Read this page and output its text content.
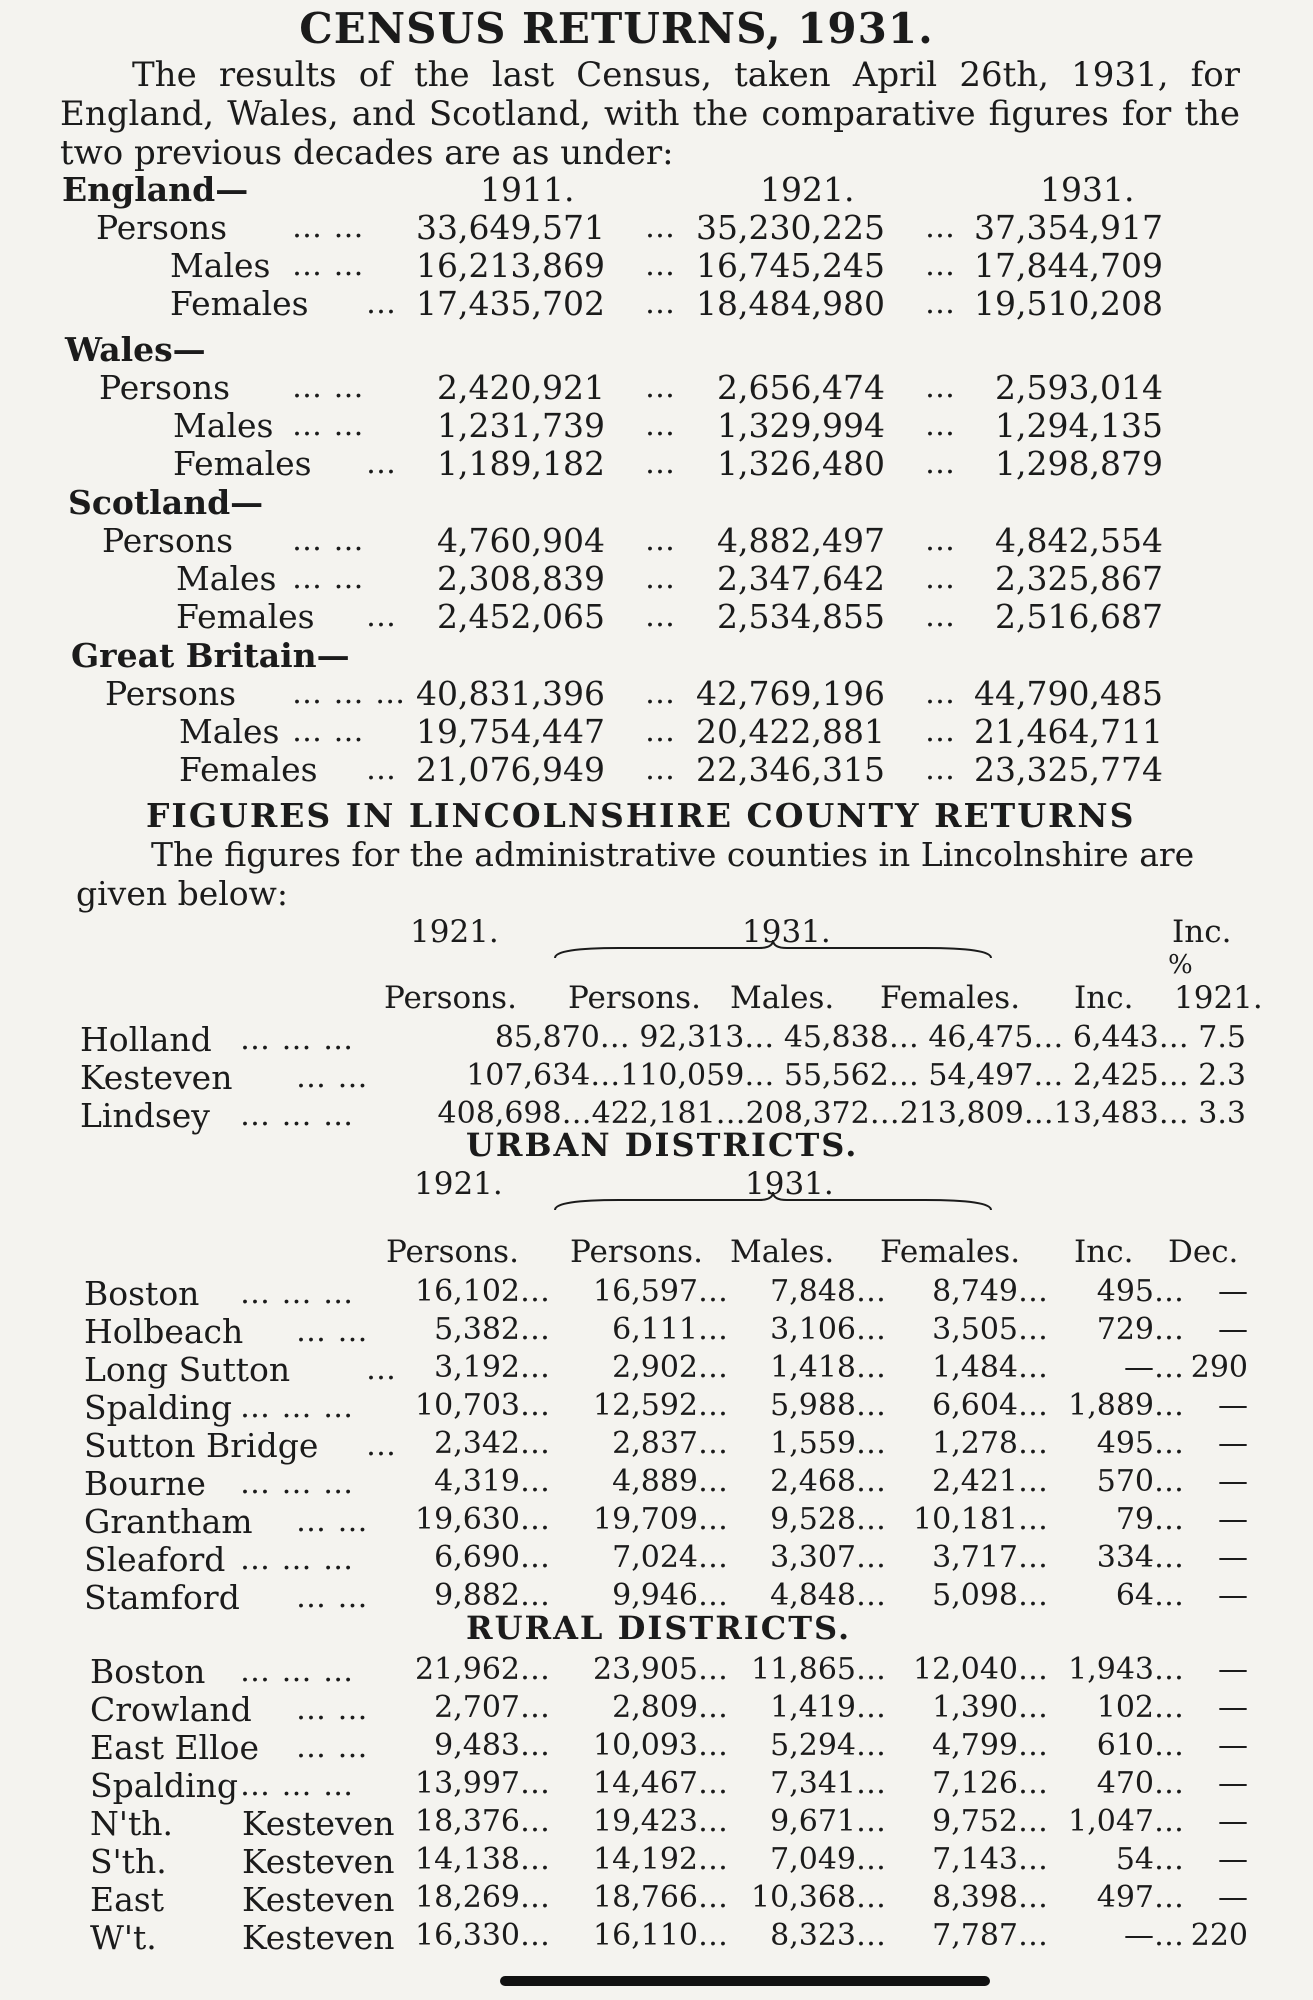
CENSUS RETURNS, 1931.
The results of the last Census, taken April 26th, 1931, for England, Wales, and Scotland, with the comparative figures for the two previous decades are as under:
1911.	1921.	1931.
England—
Persons … … 33,649,571	35,230,225	37,354,917
…	…
Males … … 16,213,869	16,745,245	17,844,709
…	…
Females … 17,435,702	18,484,980	19,510,208
…	…
Wales—
Persons … …	2,420,921	2,656,474	2,593,014
…	…
Males … …	1,231,739	1,329,994	1,294,135
…	…
Females …	1,189,182	1,326,480	1,298,879
…	…
Scotland—
Persons … …	4,760,904	4,882,497	4,842,554
…	…
Males … …	2,308,839	2,347,642	2,325,867
…	…
Females …	2,452,065	2,534,855	2,516,687
…	…
Great Britain—
Persons … … … 40,831,396	42,769,196	44,790,485
…	…
Males … … 19,754,447	20,422,881	21,464,711
…	…
Females … 21,076,949	22,346,315	23,325,774
…	…
FIGURES IN LINCOLNSHIRE COUNTY RETURNS
The figures for the administrative counties in Lincolnshire are given below:
1921.	1931.	Inc.
%
Persons. Persons. Males. Females. Inc. 1921.
Holland … … …	85,870… 92,313… 45,838… 46,475… 6,443… 7.5
Kesteven … …	107,634…110,059… 55,562… 54,497… 2,425… 2.3
Lindsey … … …	408,698…422,181…208,372…213,809…13,483… 3.3
URBAN DISTRICTS.
1921.	1931.
Persons. Persons. Males. Females. Inc. Dec.
Boston … … …	16,102…	16,597…	7,848…	8,749…	495…	—
Holbeach … …	5,382…	6,111…	3,106…	3,505…	729…	—
Long Sutton	…	3,192…	2,902…	1,418…	1,484…	—… 290
Spalding … … …	10,703…	12,592…	5,988…	6,604… 1,889…	—
Sutton Bridge …	2,342…	2,837…	1,559…	1,278…	495…	—
Bourne … … …	4,319…	4,889…	2,468…	2,421…	570…	—
Grantham … …	19,630…	19,709…	9,528… 10,181…	79…	—
Sleaford … … …	6,690…	7,024…	3,307…	3,717…	334…	—
Stamford … …	9,882…	9,946…	4,848…	5,098…	64…	—
RURAL DISTRICTS.
Boston … … …	21,962…	23,905… 11,865… 12,040… 1,943…	—
Crowland … …	2,707…	2,809…	1,419…	1,390…	102…	—
East Elloe … …	9,483…	10,093…	5,294…	4,799…	610…	—
Spalding … … …	13,997…	14,467…	7,341…	7,126…	470…	—
N'th. Kesteven 18,376…	19,423…	9,671…	9,752… 1,047…	—
S'th. Kesteven 14,138…	14,192…	7,049…	7,143…	54…	—
East Kesteven 18,269…	18,766… 10,368…	8,398…	497…	—
W't.	Kesteven 16,330…	16,110…	8,323…	7,787…	—… 220
